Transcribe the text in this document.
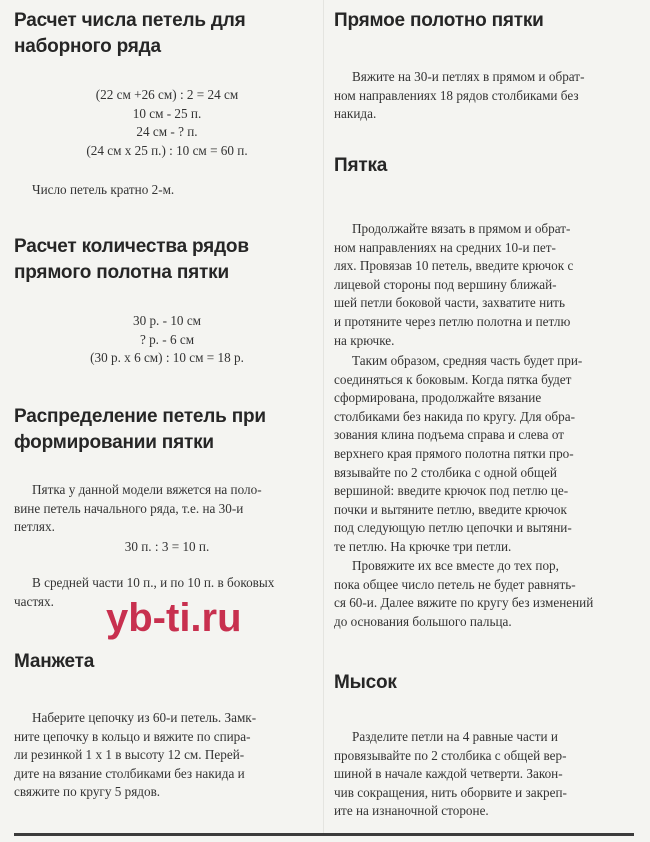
Расчет числа петель для
наборного ряда
(22 см +26 см) : 2 = 24 см
10 см - 25 п.
24 см - ? п.
(24 см х 25 п.) : 10 см = 60 п.

Число петель кратно 2-м.

Расчет количества рядов
прямого полотна пятки
30 р. - 10 см
? р. - 6 см
(30 р. х 6 см) : 10 см = 18 р.
Распределение петель при
формировании пятки
Пятка у данной модели вяжется на поло-
вине петель начального ряда, т.е. на 30-и
петлях.
30 п. : 3 = 10 п.
В средней части 10 п., и по 10 п. в боковых
частях.
Манжета
Наберите цепочку из 60-и петель. Замк-
ните цепочку в кольцо и вяжите по спира-
ли резинкой 1 х 1 в высоту 12 см. Перей-
дите на вязание столбиками без накида и
свяжите по кругу 5 рядов.
Прямое полотно пятки
Вяжите на 30-и петлях в прямом и обрат-
ном направлениях 18 рядов столбиками без
накида.
Пятка
Продолжайте вязать в прямом и обрат-
ном направлениях на средних 10-и пет-
лях. Провязав 10 петель, введите крючок с
лицевой стороны под вершину ближай-
шей петли боковой части, захватите нить
и протяните через петлю полотна и петлю
на крючке.
Таким образом, средняя часть будет при-
соединяться к боковым. Когда пятка будет
сформирована, продолжайте вязание
столбиками без накида по кругу. Для обра-
зования клина подъема справа и слева от
верхнего края прямого полотна пятки про-
вязывайте по 2 столбика с одной общей
вершиной: введите крючок под петлю це-
почки и вытяните петлю, введите крючок
под следующую петлю цепочки и вытяни-
те петлю. На крючке три петли.
Провяжите их все вместе до тех пор,
пока общее число петель не будет равнять-
ся 60-и. Далее вяжите по кругу без изменений
до основания большого пальца.
Мысок
Разделите петли на 4 равные части и
провязывайте по 2 столбика с общей вер-
шиной в начале каждой четверти. Закон-
чив сокращения, нить оборвите и закреп-
ите на изнаночной стороне.
yb-ti.ru
